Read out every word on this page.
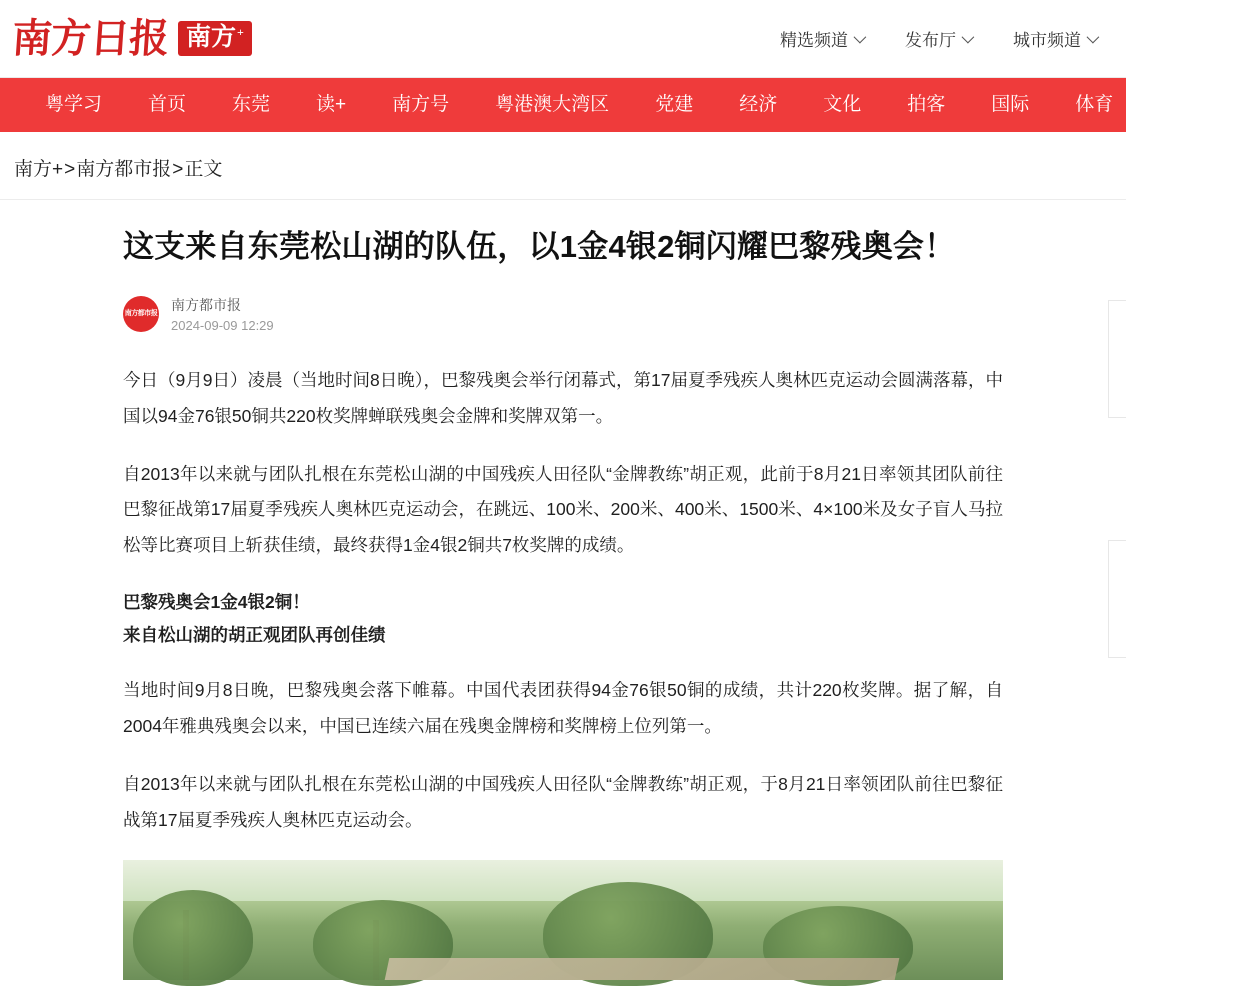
南方日报 南方+	精选频道	发布厅	城市频道
粤学习	首页	东莞	读+	南方号	粤港澳大湾区	党建	经济	文化	拍客	国际	体育	南方报业
南方+>南方都市报>正文
这支来自东莞松山湖的队伍，以1金4银2铜闪耀巴黎残奥会！
南方都市报
南方都市报
2024-09-09 12:29

今日（9月9日）凌晨（当地时间8日晚），巴黎残奥会举行闭幕式，第17届夏季残疾人奥林匹克运动会圆满落幕，中国以94金76银50铜共220枚奖牌蝉联残奥会金牌和奖牌双第一。

自2013年以来就与团队扎根在东莞松山湖的中国残疾人田径队“金牌教练”胡正观，此前于8月21日率领其团队前往巴黎征战第17届夏季残疾人奥林匹克运动会，在跳远、100米、200米、400米、1500米、4×100米及女子盲人马拉松等比赛项目上斩获佳绩，最终获得1金4银2铜共7枚奖牌的成绩。

巴黎残奥会1金4银2铜！
来自松山湖的胡正观团队再创佳绩

当地时间9月8日晚，巴黎残奥会落下帷幕。中国代表团获得94金76银50铜的成绩，共计220枚奖牌。据了解，自2004年雅典残奥会以来，中国已连续六届在残奥金牌榜和奖牌榜上位列第一。

自2013年以来就与团队扎根在东莞松山湖的中国残疾人田径队“金牌教练”胡正观，于8月21日率领团队前往巴黎征战第17届夏季残疾人奥林匹克运动会。
